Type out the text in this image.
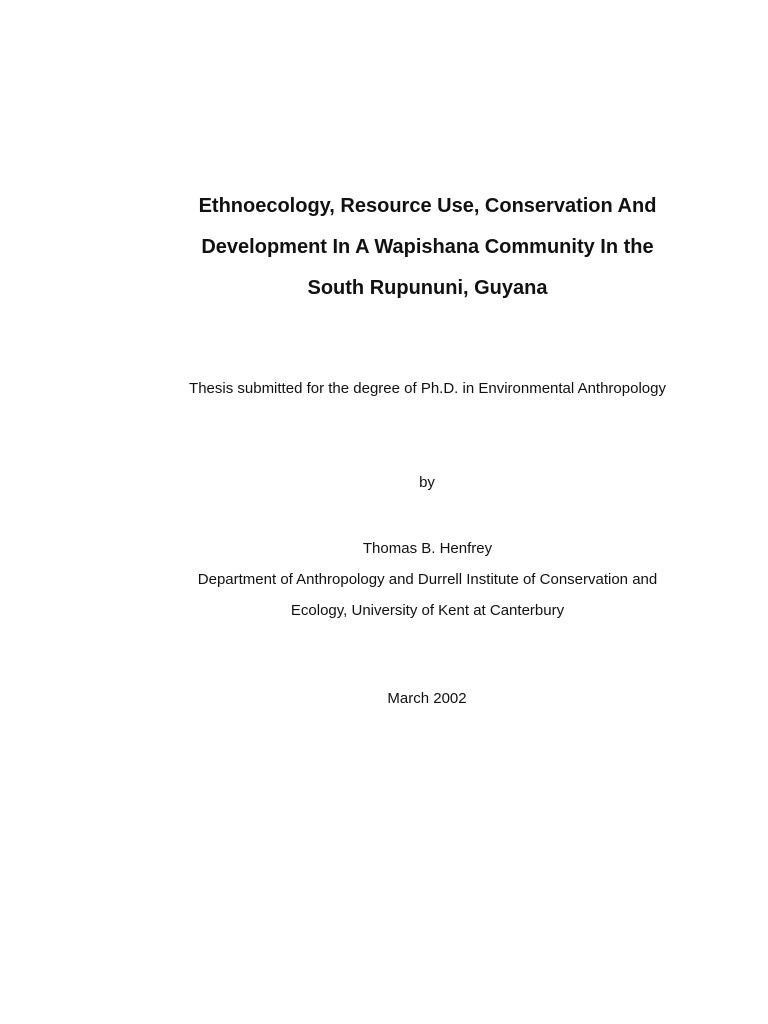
Ethnoecology, Resource Use, Conservation And
Development In A Wapishana Community In the
South Rupununi, Guyana
Thesis submitted for the degree of Ph.D. in Environmental Anthropology
by
Thomas B. Henfrey
Department of Anthropology and Durrell Institute of Conservation and
Ecology, University of Kent at Canterbury
March 2002
